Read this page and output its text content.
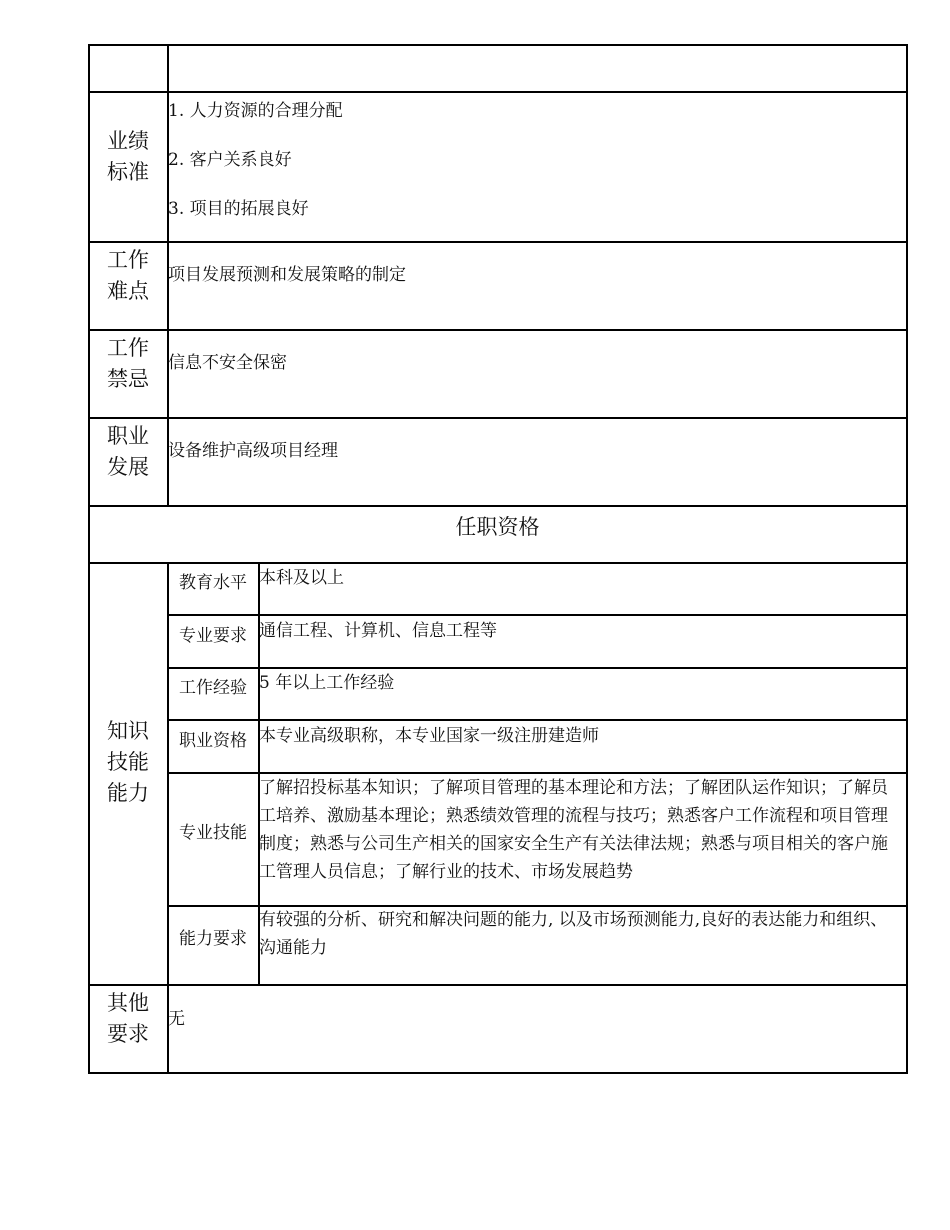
业绩
标准
1. 人力资源的合理分配
2. 客户关系良好
3. 项目的拓展良好
工作
难点
项目发展预测和发展策略的制定
工作
禁忌
信息不安全保密
职业
发展
设备维护高级项目经理
任职资格
知识
技能
能力
教育水平 本科及以上
专业要求 通信工程、计算机、信息工程等
工作经验 5 年以上工作经验
职业资格 本专业高级职称，本专业国家一级注册建造师
专业技能
了解招投标基本知识；了解项目管理的基本理论和方法；了解团队运作知识；了解员工培养、激励基本理论；熟悉绩效管理的流程与技巧；熟悉客户工作流程和项目管理制度；熟悉与公司生产相关的国家安全生产有关法律法规；熟悉与项目相关的客户施工管理人员信息；了解行业的技术、市场发展趋势
能力要求
有较强的分析、研究和解决问题的能力, 以及市场预测能力,良好的表达能力和组织、沟通能力
其他
要求
无
